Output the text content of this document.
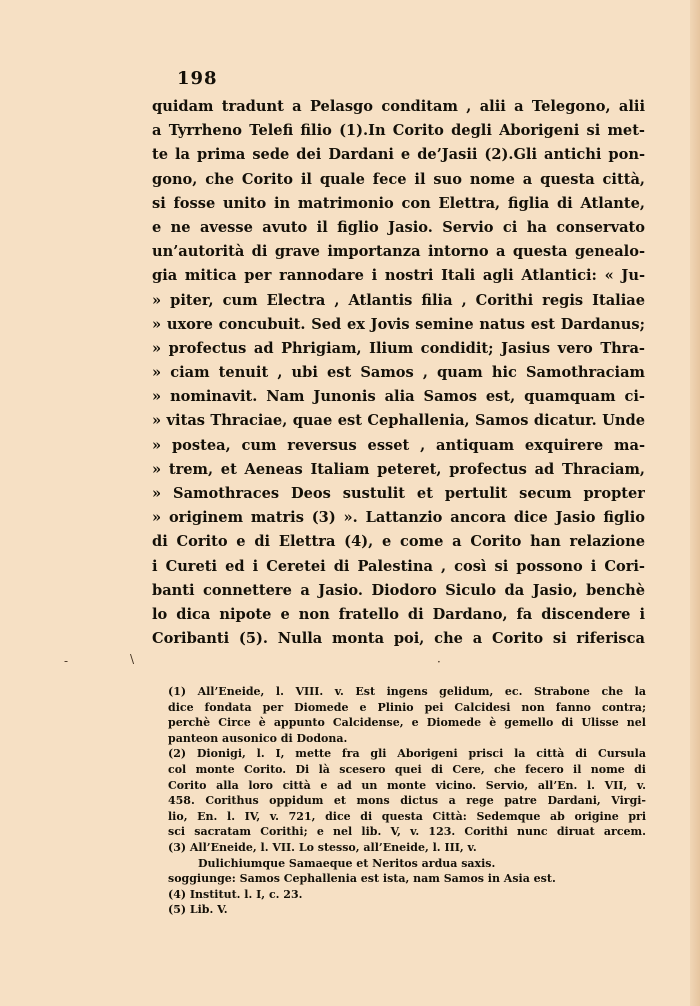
198
quidam tradunt a Pelasgo conditam , alii a Telegono, alii
a Tyrrheno Telefi filio (1).In Corito degli Aborigeni si met-
te la prima sede dei Dardani e de’Jasii (2).Gli antichi pon-
gono, che Corito il quale fece il suo nome a questa città,
si fosse unito in matrimonio con Elettra, figlia di Atlante,
e ne avesse avuto il figlio Jasio. Servio ci ha conservato
un’autorità di grave importanza intorno a questa genealo-
gia mitica per rannodare i nostri Itali agli Atlantici: « Ju-
» piter, cum Electra , Atlantis filia , Corithi regis Italiae
» uxore concubuit. Sed ex Jovis semine natus est Dardanus;
» profectus ad Phrigiam, Ilium condidit; Jasius vero Thra-
» ciam tenuit , ubi est Samos , quam hic Samothraciam
» nominavit. Nam Junonis alia Samos est, quamquam ci-
» vitas Thraciae, quae est Cephallenia, Samos dicatur. Unde
» postea, cum reversus esset , antiquam exquirere ma-
» trem, et Aeneas Italiam peteret, profectus ad Thraciam,
» Samothraces Deos sustulit et pertulit secum propter
» originem matris (3) ». Lattanzio ancora dice Jasio figlio
di Corito e di Elettra (4), e come a Corito han relazione
i Cureti ed i Ceretei di Palestina , così si possono i Cori-
banti connettere a Jasio. Diodoro Siculo da Jasio, benchè
lo dica nipote e non fratello di Dardano, fa discendere i
Coribanti (5). Nulla monta poi, che a Corito si riferisca
-	\	·
(1) All’Eneide, l. VIII. v. Est ingens gelidum, ec. Strabone che la
dice fondata per Diomede e Plinio pei Calcidesi non fanno contra;
perchè Circe è appunto Calcidense, e Diomede è gemello di Ulisse nel
panteon ausonico di Dodona.
(2) Dionigi, l. I, mette fra gli Aborigeni prisci la città di Cursula
col monte Corito. Di là scesero quei di Cere, che fecero il nome di
Corito alla loro città e ad un monte vicino. Servio, all’En. l. VII, v.
458. Corithus oppidum et mons dictus a rege patre Dardani, Virgi-
lio, En. l. IV, v. 721, dice di questa Città: Sedemque ab origine pri
sci sacratam Corithi; e nel lib. V, v. 123. Corithi nunc diruat arcem.
(3) All’Eneide, l. VII. Lo stesso, all’Eneide, l. III, v.
Dulichiumque Samaeque et Neritos ardua saxis.
soggiunge: Samos Cephallenia est ista, nam Samos in Asia est.
(4) Institut. l. I, c. 23.
(5) Lib. V.
